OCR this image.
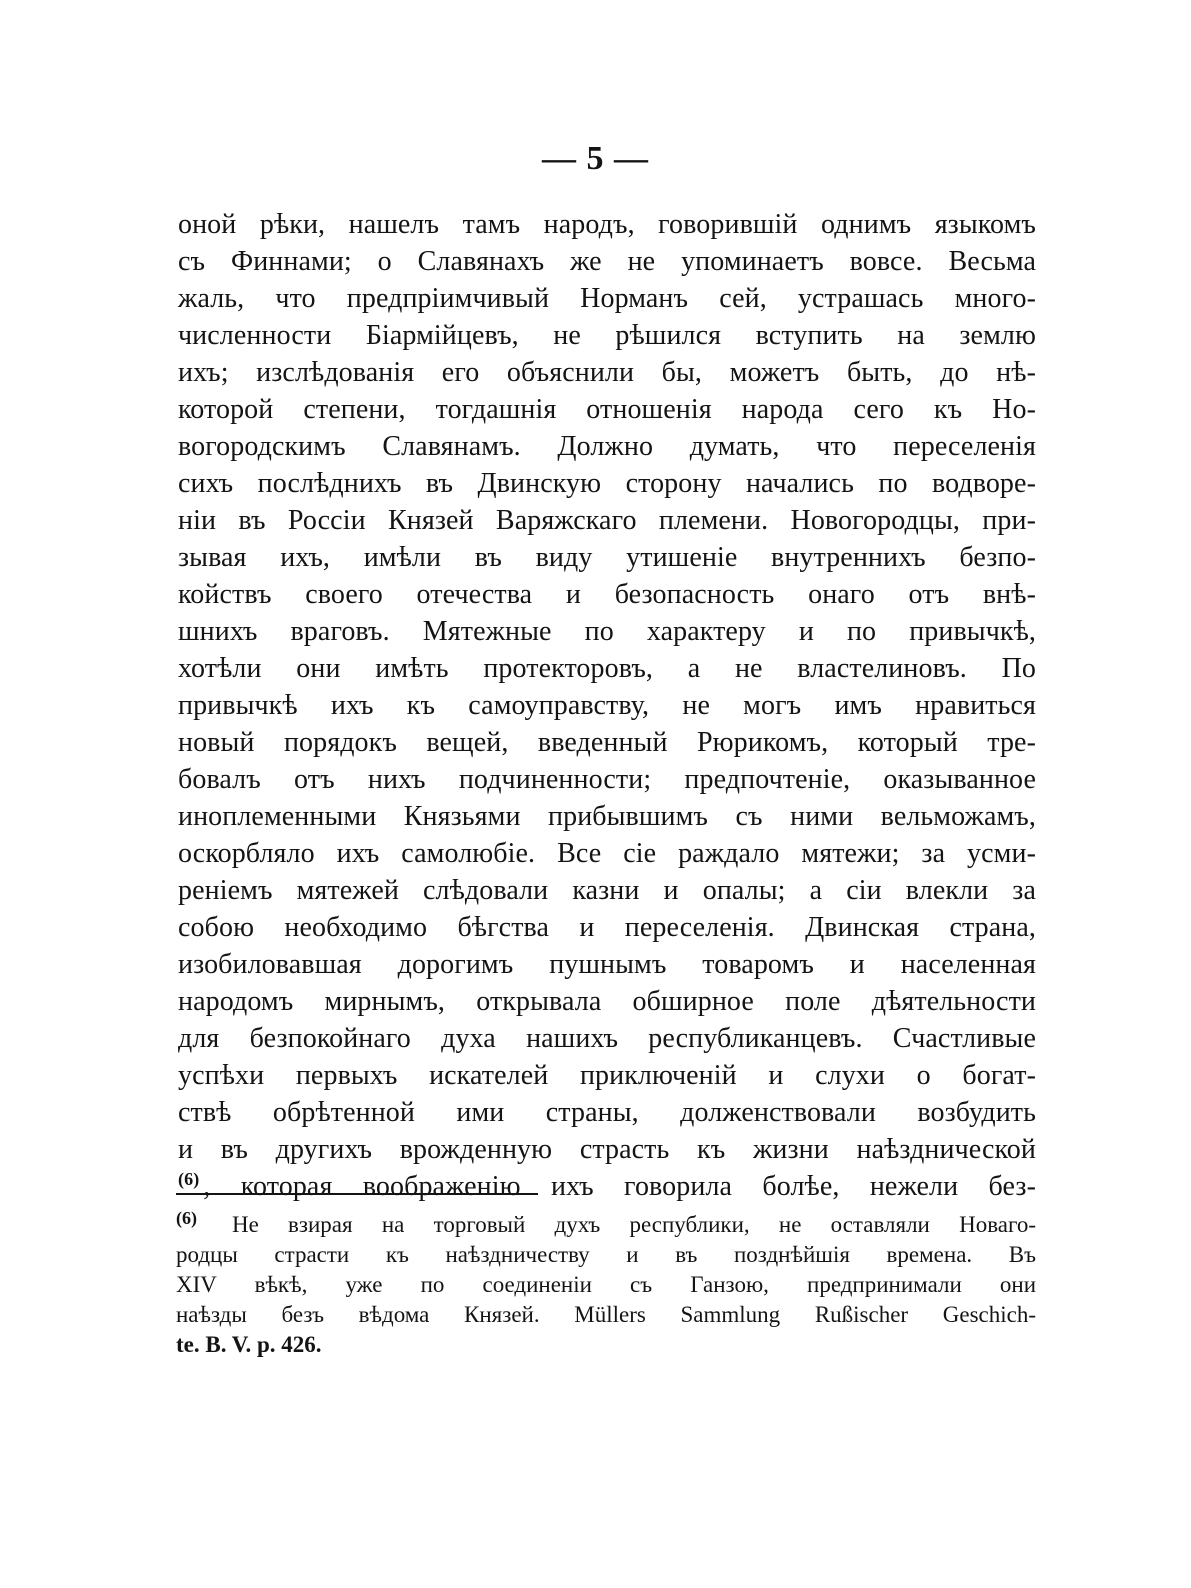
— 5 —
оной рѣки, нашелъ тамъ народъ, говорившій однимъ языкомъ
съ Финнами; о Славянахъ же не упоминаетъ вовсе. Весьма
жаль, что предпріимчивый Норманъ сей, устрашась много-
численности Біармійцевъ, не рѣшился вступить на землю
ихъ; изслѣдованія его объяснили бы, можетъ быть, до нѣ-
которой степени, тогдашнія отношенія народа сего къ Но-
вогородскимъ Славянамъ. Должно думать, что переселенія
сихъ послѣднихъ въ Двинскую сторону начались по водворе-
ніи въ Россіи Князей Варяжскаго племени. Новогородцы, при-
зывая ихъ, имѣли въ виду утишеніе внутреннихъ безпо-
койствъ своего отечества и безопасность онаго отъ внѣ-
шнихъ враговъ. Мятежные по характеру и по привычкѣ,
хотѣли они имѣть протекторовъ, а не властелиновъ. По
привычкѣ ихъ къ самоуправству, не могъ имъ нравиться
новый порядокъ вещей, введенный Рюрикомъ, который тре-
бовалъ отъ нихъ подчиненности; предпочтеніе, оказыванное
иноплеменными Князьями прибывшимъ съ ними вельможамъ,
оскорбляло ихъ самолюбіе. Все сіе раждало мятежи; за усми-
реніемъ мятежей слѣдовали казни и опалы; а сіи влекли за
собою необходимо бѣгства и переселенія. Двинская страна,
изобиловавшая дорогимъ пушнымъ товаромъ и населенная
народомъ мирнымъ, открывала обширное поле дѣятельности
для безпокойнаго духа нашихъ республиканцевъ. Счастливые
успѣхи первыхъ искателей приключеній и слухи о богат-
ствѣ обрѣтенной ими страны, долженствовали возбудить
и въ другихъ врожденную страсть къ жизни наѣзднической
$^{(6)}$ , которая воображенію ихъ говорила болѣе, нежели без-
(6) Не взирая на торговый духъ республики, не оставляли Новаго-
родцы страсти къ наѣздничеству и въ позднѣйшія времена. Въ
XIV вѣкѣ, уже по соединеніи съ Ганзою, предпринимали они
наѣзды безъ вѣдома Князей. Müllers Sammlung Rußischer Geschich-
te. B. V. p. 426.
